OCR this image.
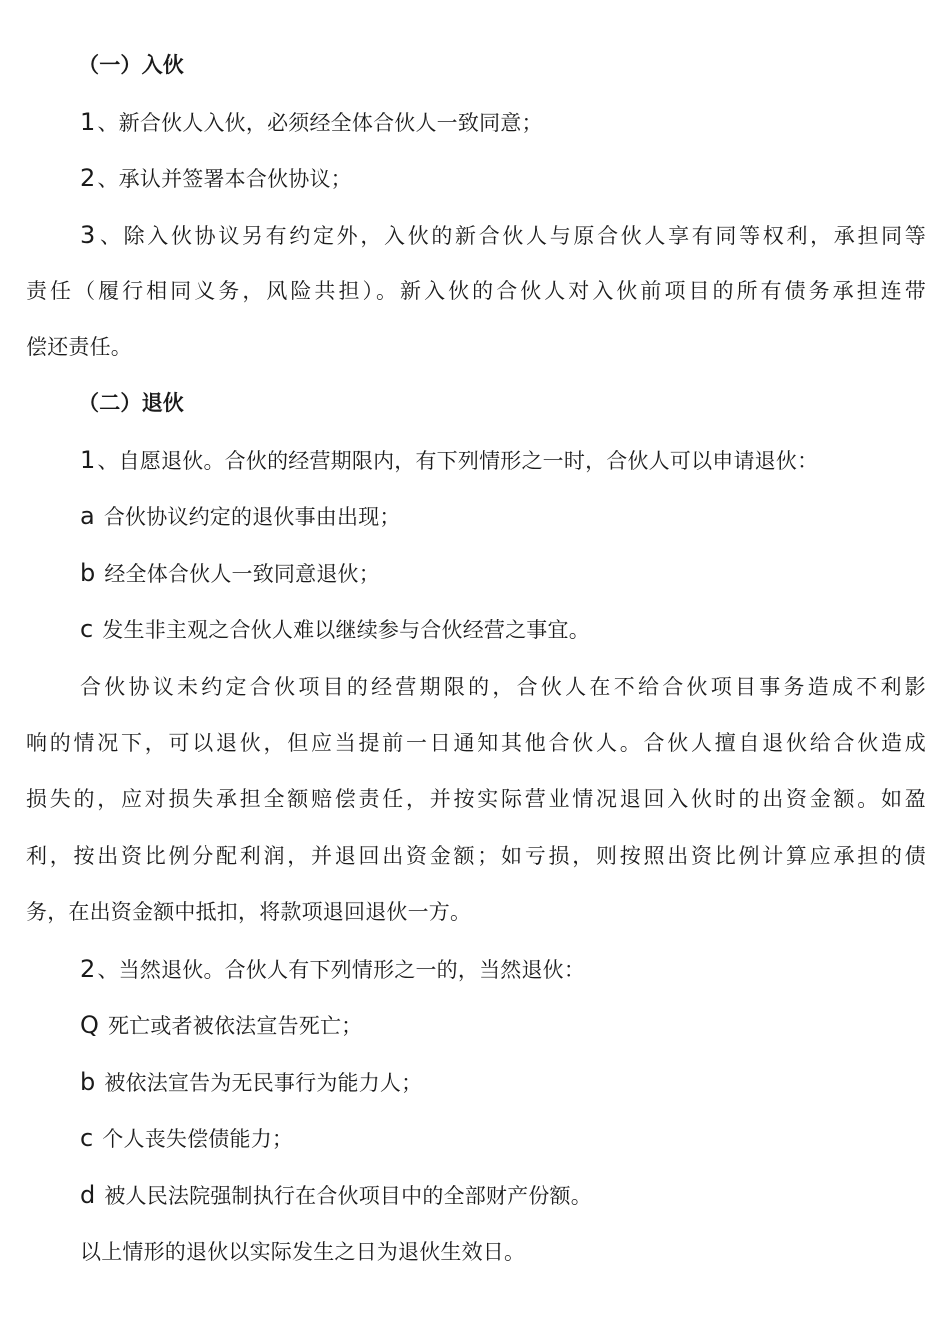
（一）入伙
1、新合伙人入伙，必须经全体合伙人一致同意；
2、承认并签署本合伙协议；
3、除入伙协议另有约定外，入伙的新合伙人与原合伙人享有同等权利，承担同等
责任（履行相同义务，风险共担）。新入伙的合伙人对入伙前项目的所有债务承担连带
偿还责任。
（二）退伙
1、自愿退伙。合伙的经营期限内，有下列情形之一时，合伙人可以申请退伙：
a 合伙协议约定的退伙事由出现；
b 经全体合伙人一致同意退伙；
c 发生非主观之合伙人难以继续参与合伙经营之事宜。
合伙协议未约定合伙项目的经营期限的，合伙人在不给合伙项目事务造成不利影
响的情况下，可以退伙，但应当提前一日通知其他合伙人。合伙人擅自退伙给合伙造成
损失的，应对损失承担全额赔偿责任，并按实际营业情况退回入伙时的出资金额。如盈
利，按出资比例分配利润，并退回出资金额；如亏损，则按照出资比例计算应承担的债
务，在出资金额中抵扣，将款项退回退伙一方。
2、当然退伙。合伙人有下列情形之一的，当然退伙：
Q 死亡或者被依法宣告死亡；
b 被依法宣告为无民事行为能力人；
c 个人丧失偿债能力；
d 被人民法院强制执行在合伙项目中的全部财产份额。
以上情形的退伙以实际发生之日为退伙生效日。
